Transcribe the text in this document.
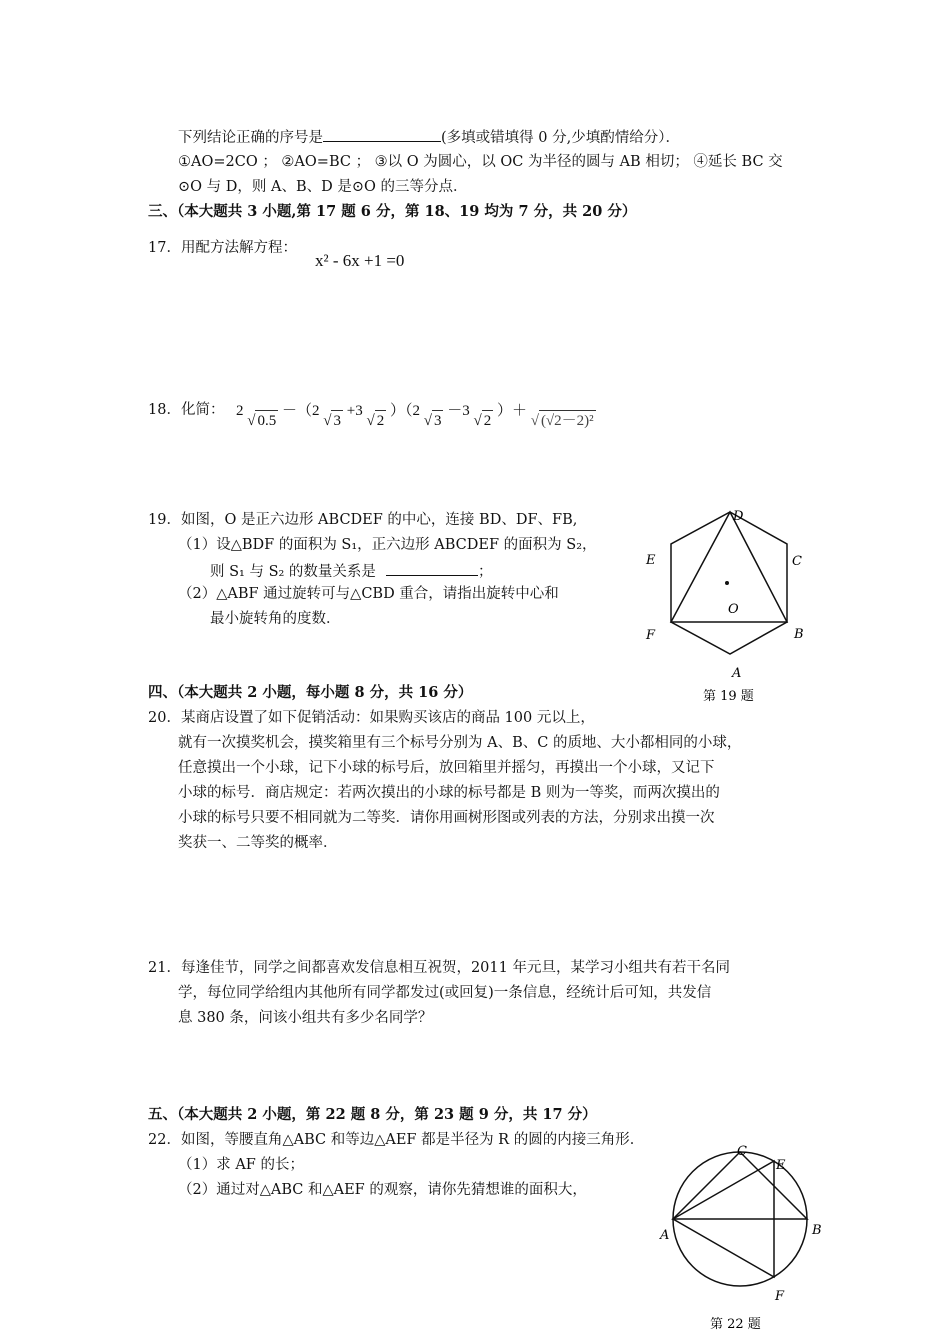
下列结论正确的序号是	(多填或错填得 0 分,少填酌情给分）．
①AO=2CO ； ②AO=BC ； ③以 O 为圆心，以 OC 为半径的圆与 AB 相切； ④延长 BC 交
⊙O 与 D，则 A、B、D 是⊙O 的三等分点．
三、（本大题共 3 小题,第 17 题 6 分，第 18、19 均为 7 分，共 20 分）
17．用配方法解方程：
x² - 6x +1 =0
18．化简： 2 √ 0.5 －（2 √ 3 +3 √ 2 ）（2 √ 3 －3 √ 2 ）＋ √ (√2－2)²
19．如图，O 是正六边形 ABCDEF 的中心，连接 BD、DF、FB,
（1）设△BDF 的面积为 S₁，正六边形 ABCDEF 的面积为 S₂，
则 S₁ 与 S₂ 的数量关系是	；
（2）△ABF 通过旋转可与△CBD 重合，请指出旋转中心和
最小旋转角的度数．
D
C
E
O
F	B
A
第 19 题
四、（本大题共 2 小题，每小题 8 分，共 16 分）
20．某商店设置了如下促销活动：如果购买该店的商品 100 元以上，
就有一次摸奖机会，摸奖箱里有三个标号分别为 A、B、C 的质地、大小都相同的小球，
任意摸出一个小球，记下小球的标号后，放回箱里并摇匀，再摸出一个小球，又记下
小球的标号．商店规定：若两次摸出的小球的标号都是 B 则为一等奖，而两次摸出的
小球的标号只要不相同就为二等奖．请你用画树形图或列表的方法，分别求出摸一次
奖获一、二等奖的概率．
21．每逢佳节，同学之间都喜欢发信息相互祝贺，2011 年元旦，某学习小组共有若干名同
学，每位同学给组内其他所有同学都发过(或回复)一条信息，经统计后可知，共发信
息 380 条，问该小组共有多少名同学？
五、（本大题共 2 小题，第 22 题 8 分，第 23 题 9 分，共 17 分）
22．如图，等腰直角△ABC 和等边△AEF 都是半径为 R 的圆的内接三角形．
（1）求 AF 的长；
（2）通过对△ABC 和△AEF 的观察，请你先猜想谁的面积大，
C
E
B
A
F
第 22 题
